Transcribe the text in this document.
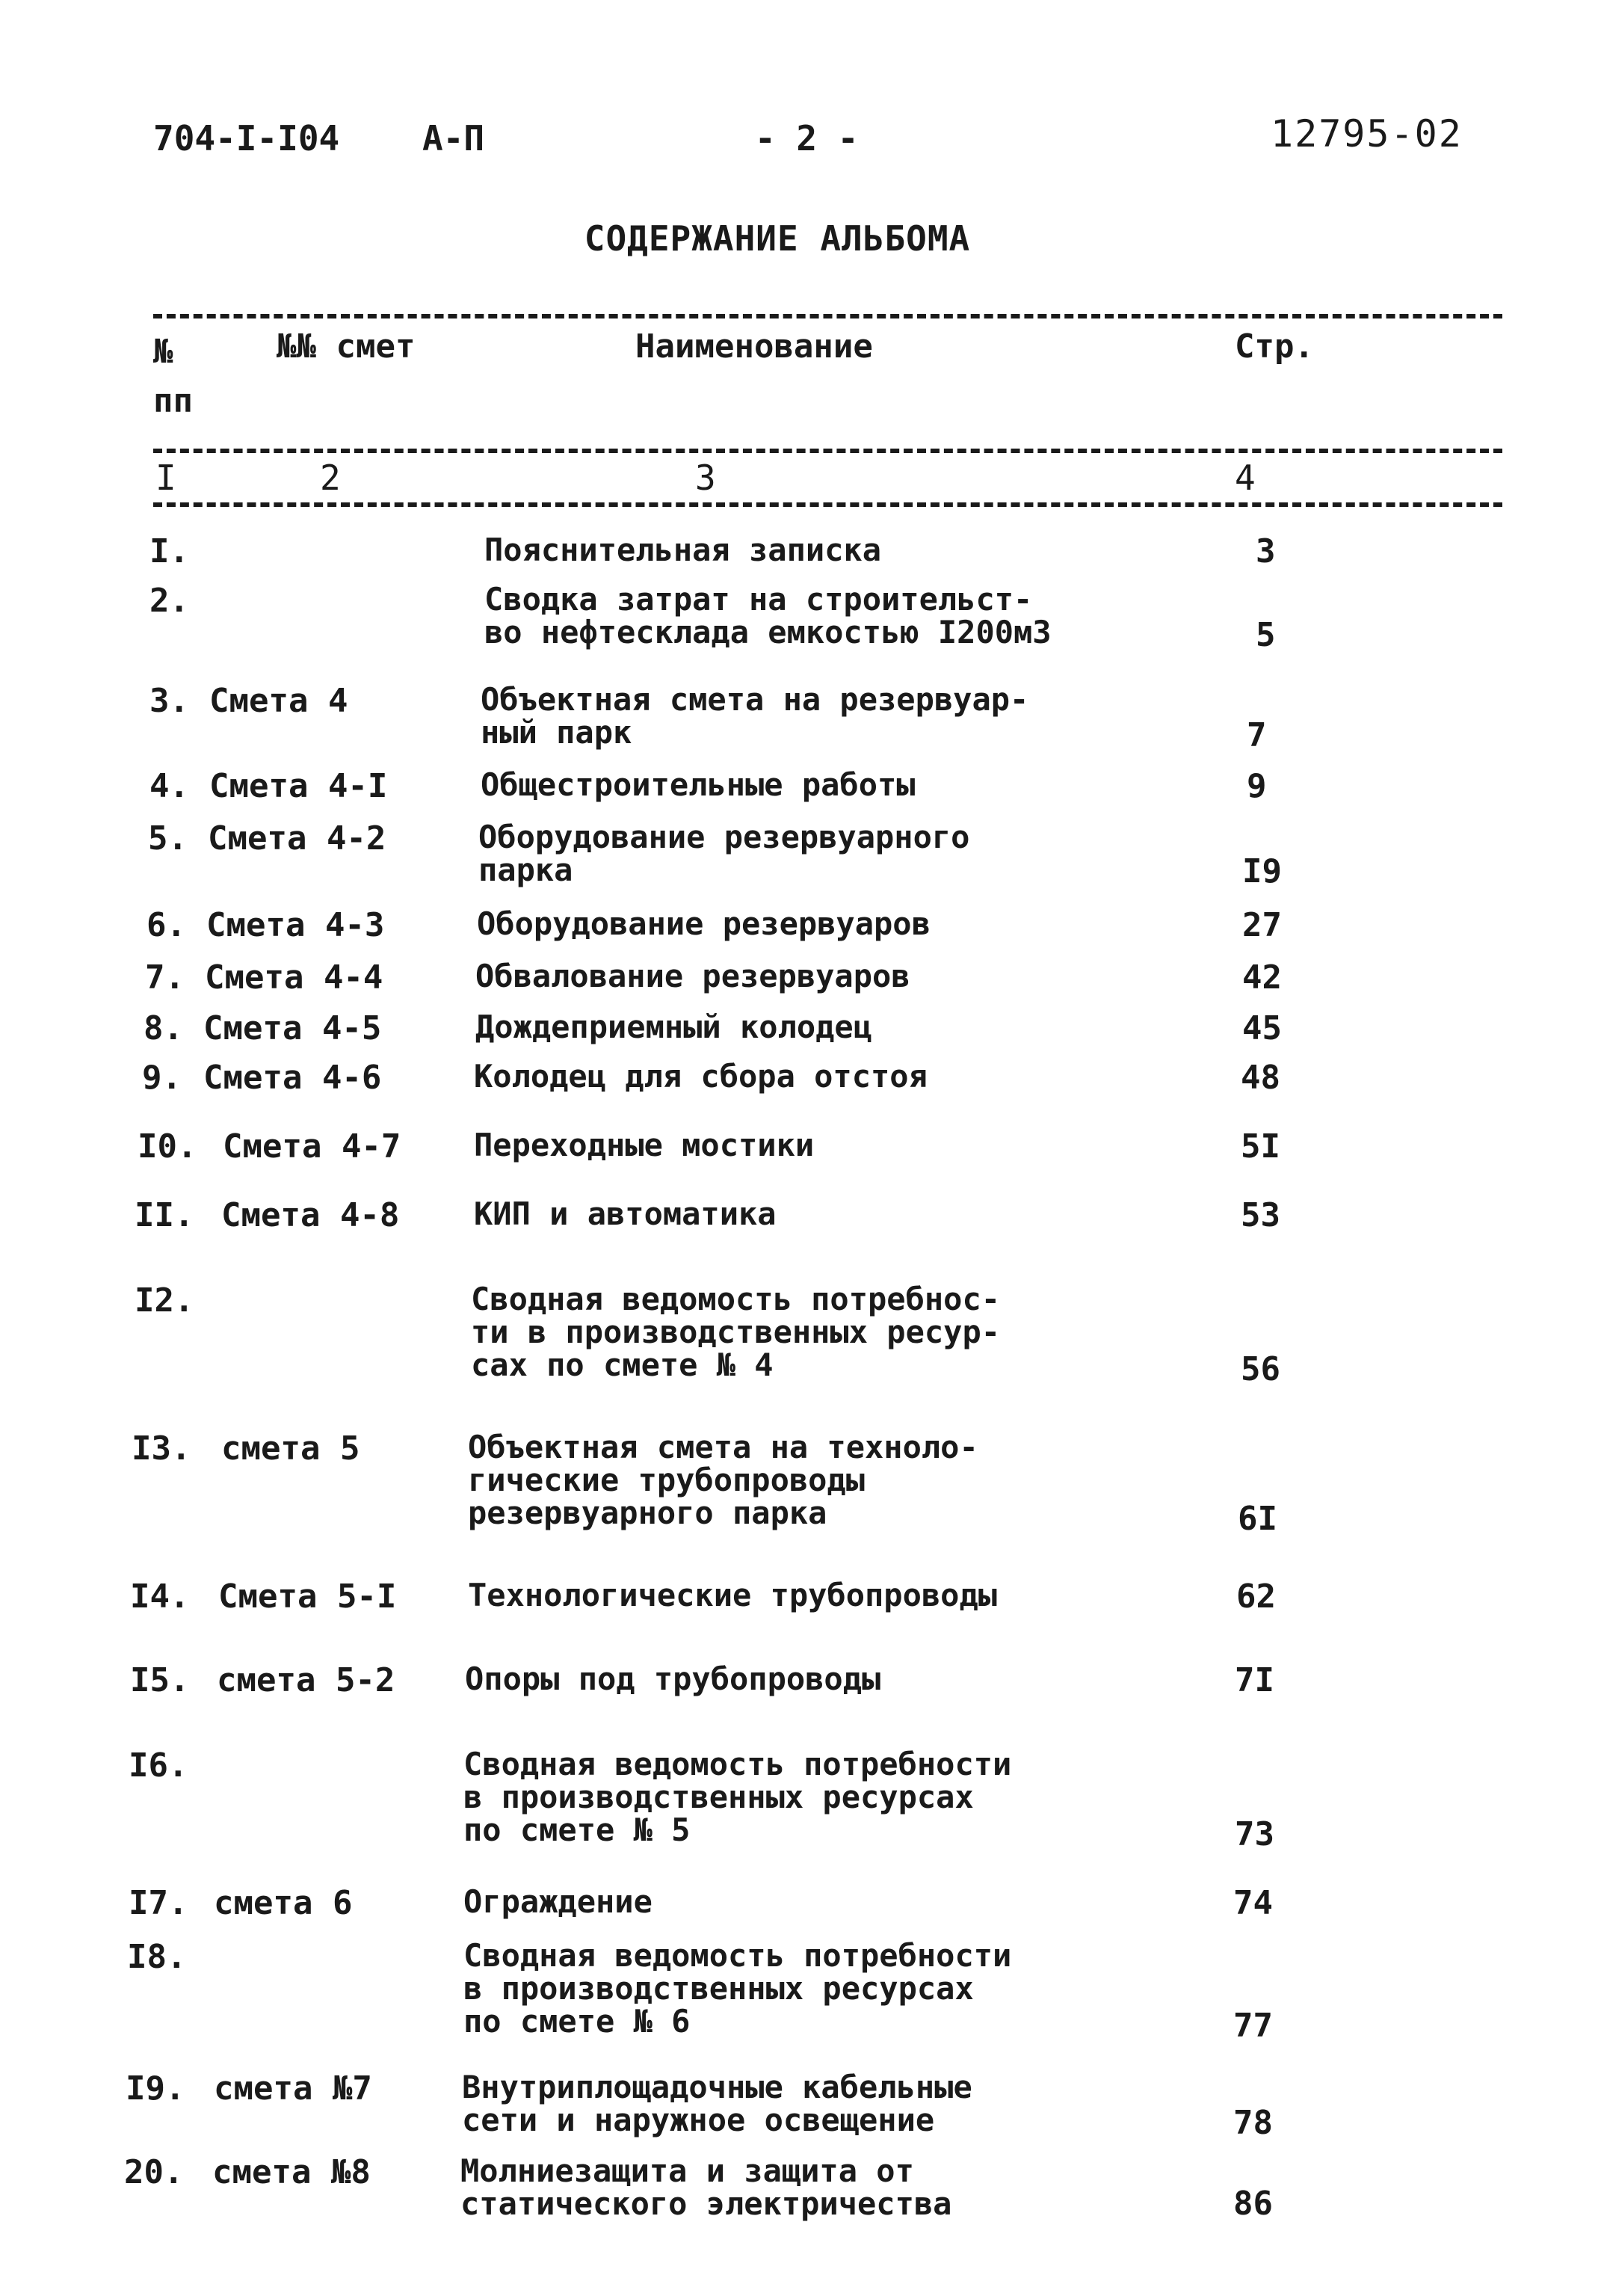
704-I-I04 А-П	- 2 -	12795-02
СОДЕРЖАНИЕ АЛЬБОМА
№
пп
№№ смет	Наименование	Стр.
I	2	3	4
I.	Пояснительная записка	3
2.	Сводка затрат на строительст-
во нефтесклада емкостью I200м3	5
3. Смета 4	Объектная смета на резервуар-
ный парк	7
4. Смета 4-I	Общестроительные работы	9
5. Смета 4-2	Оборудование резервуарного
парка	I9
6. Смета 4-3	Оборудование резервуаров	27
7. Смета 4-4	Обвалование резервуаров	42
8. Смета 4-5	Дождеприемный колодец	45
9. Смета 4-6	Колодец для сбора отстоя	48
I0. Смета 4-7 Переходные мостики	5I
II. Смета 4-8 КИП и автоматика	53
I2.	Сводная ведомость потребнос-
ти в производственных ресур-
сах по смете № 4	56
I3. смета 5	Объектная смета на техноло-
гические трубопроводы
резервуарного парка	6I
I4. Смета 5-I Технологические трубопроводы	62
I5. смета 5-2 Опоры под трубопроводы	7I
I6.	Сводная ведомость потребности
в производственных ресурсах
по смете № 5	73
I7. смета 6	Ограждение	74
I8.	Сводная ведомость потребности
в производственных ресурсах
по смете № 6	77
I9. смета №7	Внутриплощадочные кабельные
сети и наружное освещение	78
20. смета №8	Молниезащита и защита от
статического электричества	86
